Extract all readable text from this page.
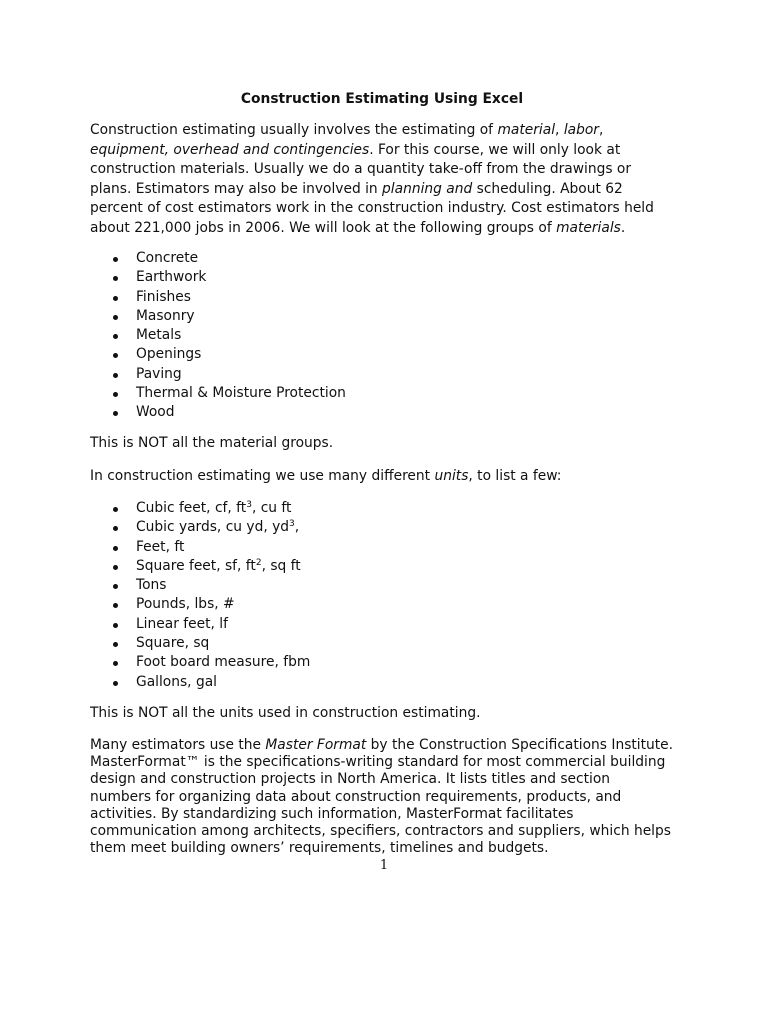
Construction Estimating Using Excel

Construction estimating usually involves the estimating of material, labor,
equipment, overhead and contingencies. For this course, we will only look at
construction materials. Usually we do a quantity take-off from the drawings or
plans. Estimators may also be involved in planning and scheduling. About 62
percent of cost estimators work in the construction industry. Cost estimators held
about 221,000 jobs in 2006. We will look at the following groups of materials.

Concrete
Earthwork
Finishes
Masonry
Metals
Openings
Paving
Thermal & Moisture Protection
Wood

This is NOT all the material groups.

In construction estimating we use many different units, to list a few:

Cubic feet, cf, $ft^3$, cu ft
Cubic yards, cu yd, $yd^3$,
Feet, ft
Square feet, sf, $ft^2$, sq ft
Tons
Pounds, lbs, #
Linear feet, lf
Square, sq
Foot board measure, fbm
Gallons, gal

This is NOT all the units used in construction estimating.

Many estimators use the Master Format by the Construction Specifications Institute.
MasterFormat™ is the specifications-writing standard for most commercial building
design and construction projects in North America. It lists titles and section
numbers for organizing data about construction requirements, products, and
activities. By standardizing such information, MasterFormat facilitates
communication among architects, specifiers, contractors and suppliers, which helps
them meet building owners’ requirements, timelines and budgets.

1
